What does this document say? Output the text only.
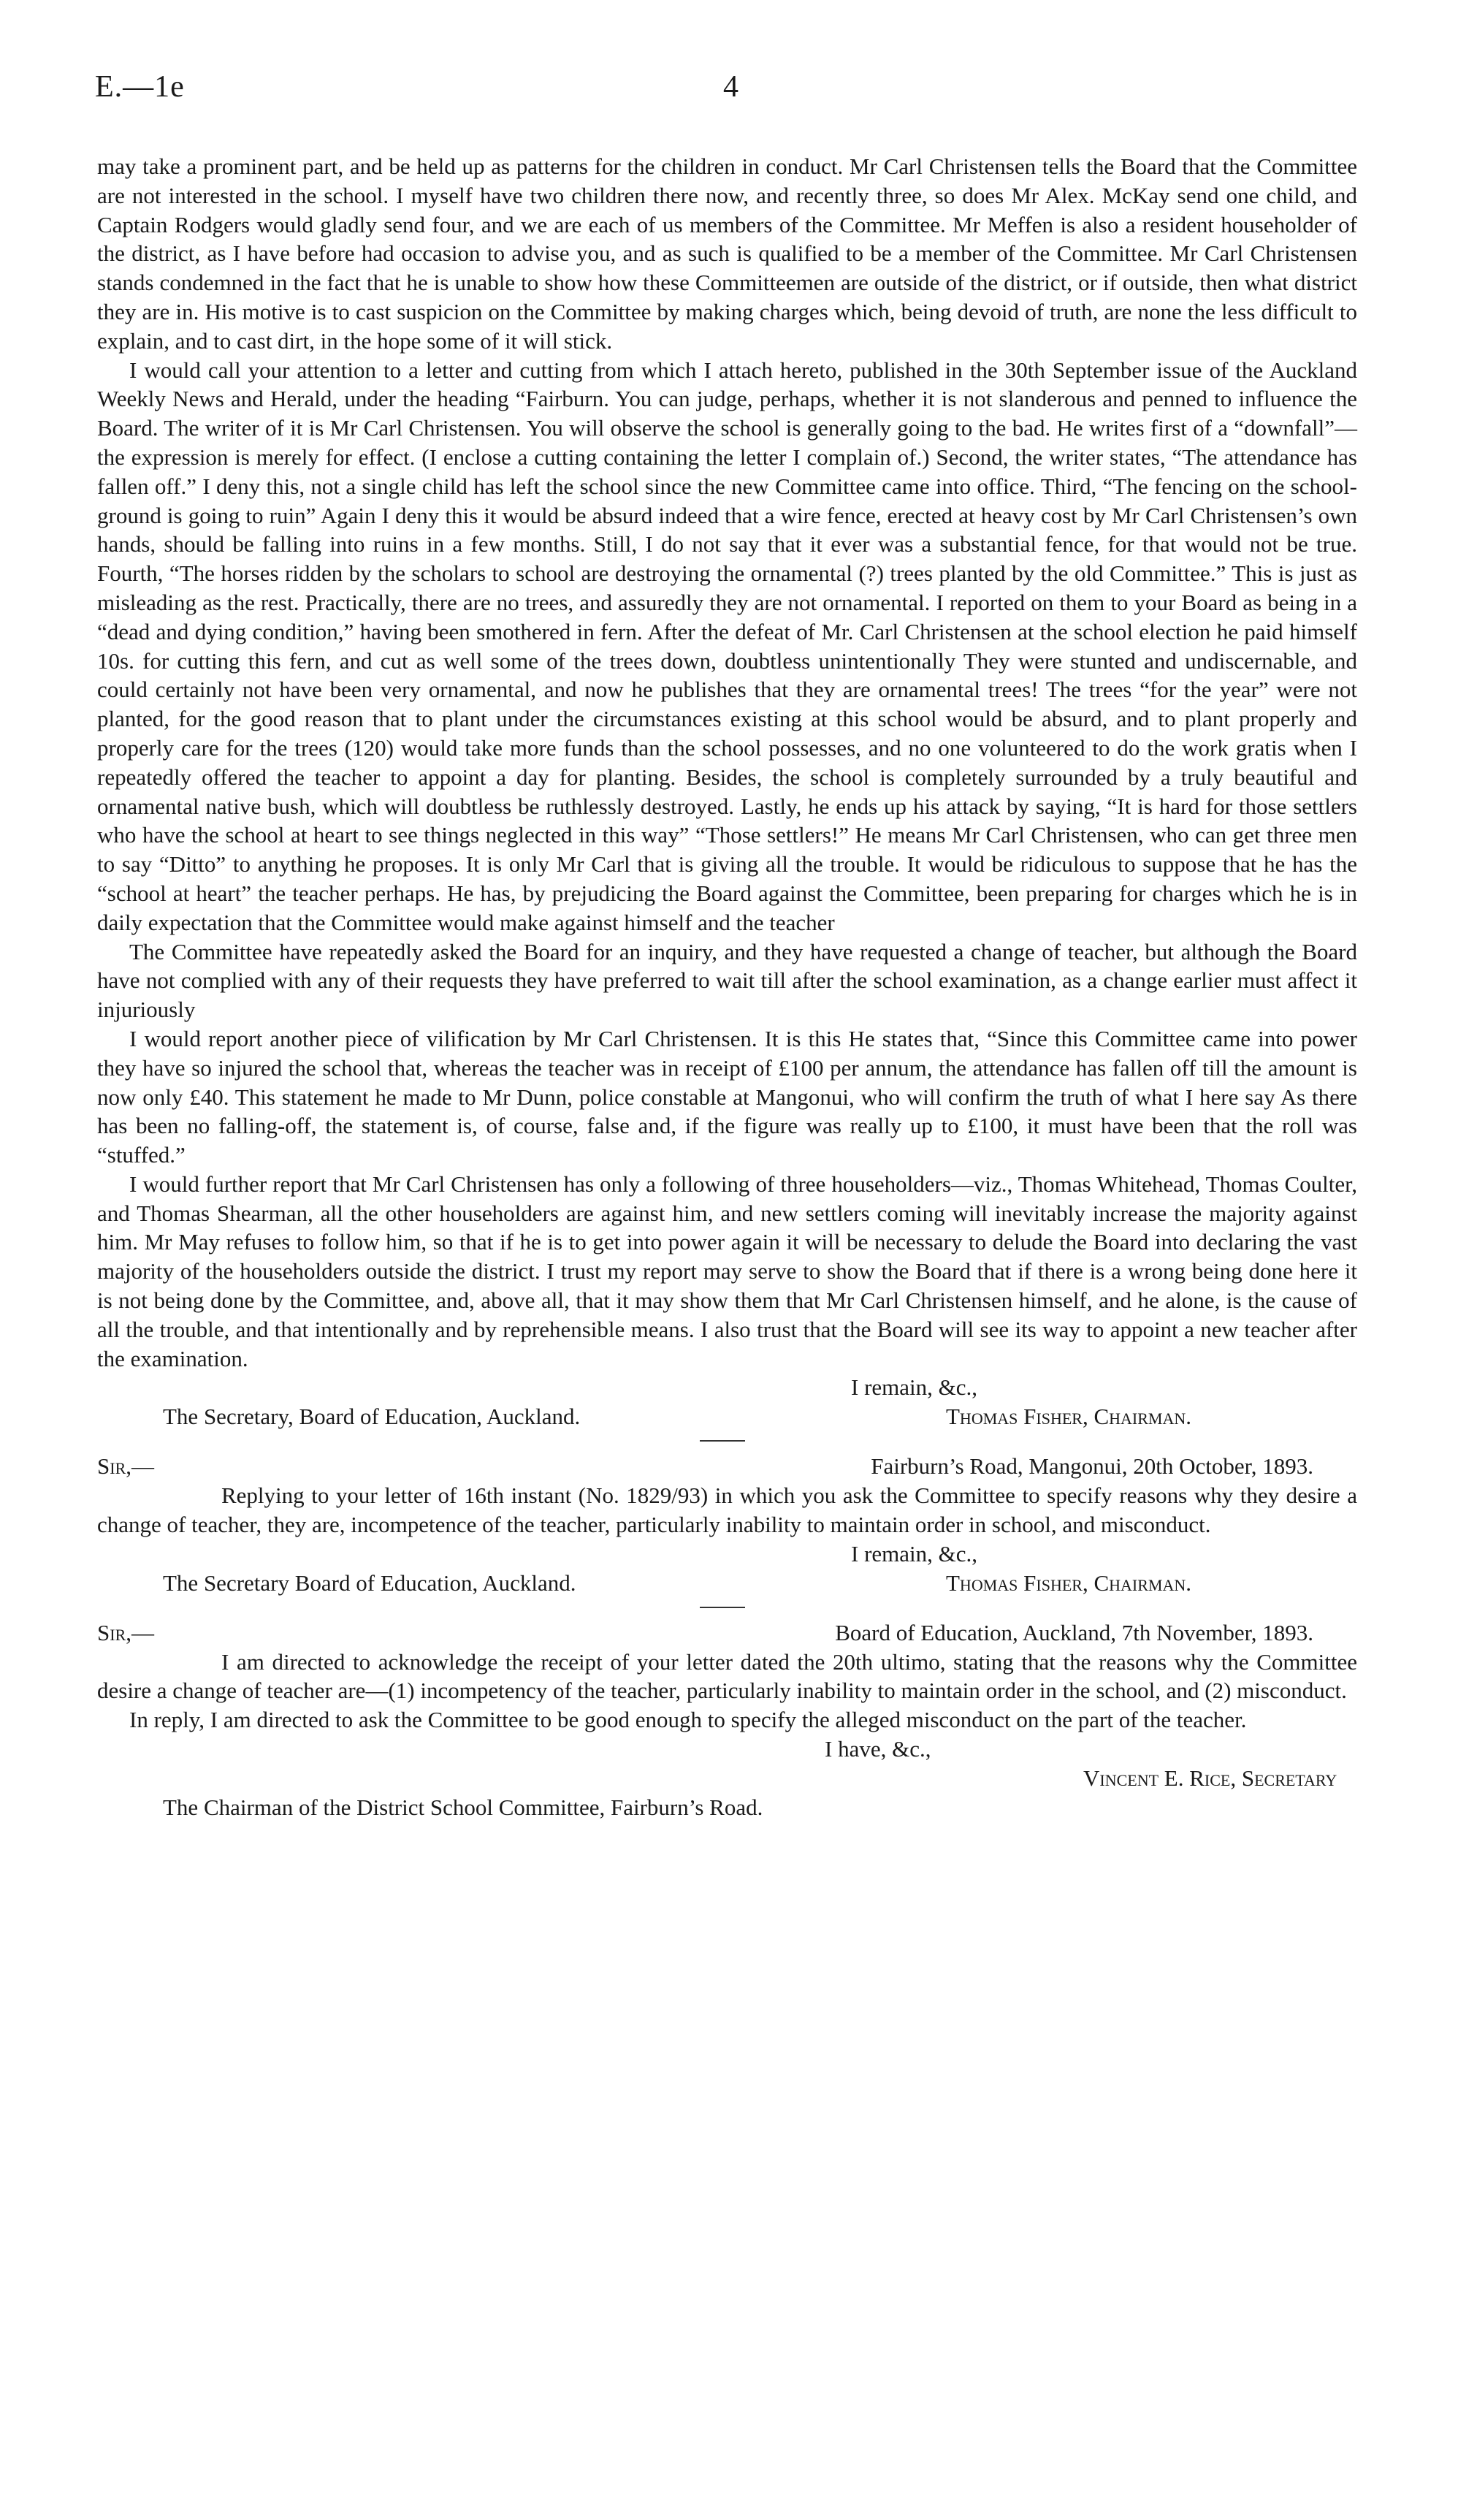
E.—1e	4

may take a prominent part, and be held up as patterns for the children in conduct. Mr Carl Christensen tells the Board that the Committee are not interested in the school. I myself have two children there now, and recently three, so does Mr Alex. McKay send one child, and Captain Rodgers would gladly send four, and we are each of us members of the Committee. Mr Meffen is also a resident householder of the district, as I have before had occasion to advise you, and as such is qualified to be a member of the Committee. Mr Carl Christensen stands condemned in the fact that he is unable to show how these Committeemen are outside of the district, or if outside, then what district they are in. His motive is to cast suspicion on the Committee by making charges which, being devoid of truth, are none the less difficult to explain, and to cast dirt, in the hope some of it will stick.

I would call your attention to a letter and cutting from which I attach hereto, published in the 30th September issue of the Auckland Weekly News and Herald, under the heading “Fairburn. You can judge, perhaps, whether it is not slanderous and penned to influence the Board. The writer of it is Mr Carl Christensen. You will observe the school is generally going to the bad. He writes first of a “downfall”—the expression is merely for effect. (I enclose a cutting containing the letter I complain of.) Second, the writer states, “The attendance has fallen off.” I deny this, not a single child has left the school since the new Committee came into office. Third, “The fencing on the school-ground is going to ruin” Again I deny this it would be absurd indeed that a wire fence, erected at heavy cost by Mr Carl Christensen’s own hands, should be falling into ruins in a few months. Still, I do not say that it ever was a substantial fence, for that would not be true. Fourth, “The horses ridden by the scholars to school are destroying the ornamental (?) trees planted by the old Committee.” This is just as misleading as the rest. Practically, there are no trees, and assuredly they are not ornamental. I reported on them to your Board as being in a “dead and dying condition,” having been smothered in fern. After the defeat of Mr. Carl Christensen at the school election he paid himself 10s. for cutting this fern, and cut as well some of the trees down, doubtless unintentionally They were stunted and undiscernable, and could certainly not have been very ornamental, and now he publishes that they are ornamental trees! The trees “for the year” were not planted, for the good reason that to plant under the circumstances existing at this school would be absurd, and to plant properly and properly care for the trees (120) would take more funds than the school possesses, and no one volunteered to do the work gratis when I repeatedly offered the teacher to appoint a day for planting. Besides, the school is completely surrounded by a truly beautiful and ornamental native bush, which will doubtless be ruthlessly destroyed. Lastly, he ends up his attack by saying, “It is hard for those settlers who have the school at heart to see things neglected in this way” “Those settlers!” He means Mr Carl Christensen, who can get three men to say “Ditto” to anything he proposes. It is only Mr Carl that is giving all the trouble. It would be ridiculous to suppose that he has the “school at heart” the teacher perhaps. He has, by prejudicing the Board against the Committee, been preparing for charges which he is in daily expectation that the Committee would make against himself and the teacher

The Committee have repeatedly asked the Board for an inquiry, and they have requested a change of teacher, but although the Board have not complied with any of their requests they have preferred to wait till after the school examination, as a change earlier must affect it injuriously

I would report another piece of vilification by Mr Carl Christensen. It is this He states that, “Since this Committee came into power they have so injured the school that, whereas the teacher was in receipt of £100 per annum, the attendance has fallen off till the amount is now only £40. This statement he made to Mr Dunn, police constable at Mangonui, who will confirm the truth of what I here say As there has been no falling-off, the statement is, of course, false and, if the figure was really up to £100, it must have been that the roll was “stuffed.”

I would further report that Mr Carl Christensen has only a following of three householders—viz., Thomas Whitehead, Thomas Coulter, and Thomas Shearman, all the other householders are against him, and new settlers coming will inevitably increase the majority against him. Mr May refuses to follow him, so that if he is to get into power again it will be necessary to delude the Board into declaring the vast majority of the householders outside the district. I trust my report may serve to show the Board that if there is a wrong being done here it is not being done by the Committee, and, above all, that it may show them that Mr Carl Christensen himself, and he alone, is the cause of all the trouble, and that intentionally and by reprehensible means. I also trust that the Board will see its way to appoint a new teacher after the examination.

I remain, &c.,

The Secretary, Board of Education, Auckland.	Thomas Fisher, Chairman.
Sir,—	Fairburn’s Road, Mangonui, 20th October, 1893.

Replying to your letter of 16th instant (No. 1829/93) in which you ask the Committee to specify reasons why they desire a change of teacher, they are, incompetence of the teacher, particularly inability to maintain order in school, and misconduct.

I remain, &c.,

The Secretary Board of Education, Auckland.	Thomas Fisher, Chairman.
Sir,—	Board of Education, Auckland, 7th November, 1893.

I am directed to acknowledge the receipt of your letter dated the 20th ultimo, stating that the reasons why the Committee desire a change of teacher are—(1) incompetency of the teacher, particularly inability to maintain order in the school, and (2) misconduct.

In reply, I am directed to ask the Committee to be good enough to specify the alleged misconduct on the part of the teacher.

I have, &c.,

Vincent E. Rice, Secretary

The Chairman of the District School Committee, Fairburn’s Road.
